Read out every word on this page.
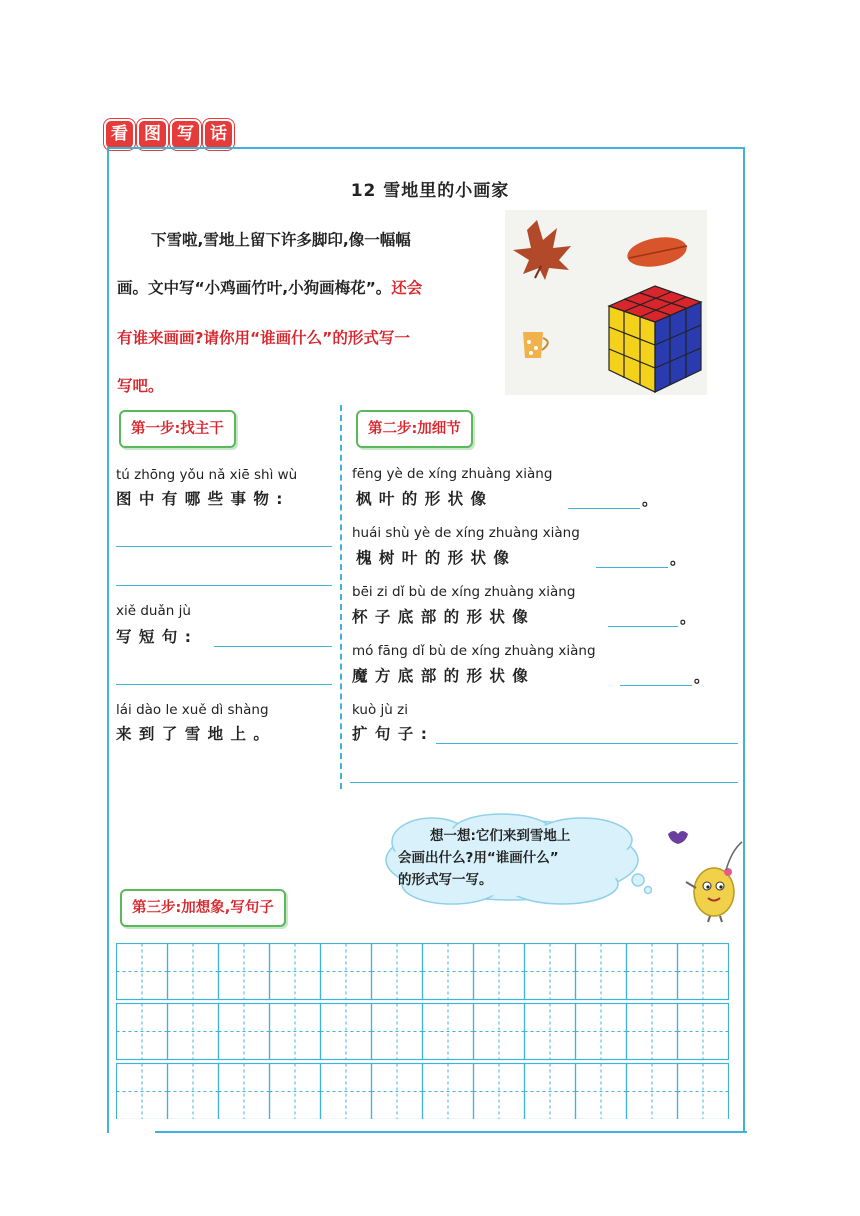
看 图 写 话
12 雪地里的小画家
下雪啦,雪地上留下许多脚印,像一幅幅
画。文中写“小鸡画竹叶,小狗画梅花”。还会
有谁来画画?请你用“谁画什么”的形式写一
写吧。
第一步:找主干	第二步:加细节
tú zhōng yǒu nǎ xiē shì wù
图 中 有 哪 些 事 物 :
xiě duǎn jù
写 短 句 :
lái dào le xuě dì shàng
来 到 了 雪 地 上 。
fēng yè de xíng zhuàng xiàng
枫 叶 的 形 状 像	。
huái shù yè de xíng zhuàng xiàng
槐 树 叶 的 形 状 像	。
bēi zi dǐ bù de xíng zhuàng xiàng
杯 子 底 部 的 形 状 像	。
mó fāng dǐ bù de xíng zhuàng xiàng
魔 方 底 部 的 形 状 像	。
kuò jù zi
扩 句 子 :
想一想:它们来到雪地上
会画出什么?用“谁画什么”
的形式写一写。
第三步:加想象,写句子
